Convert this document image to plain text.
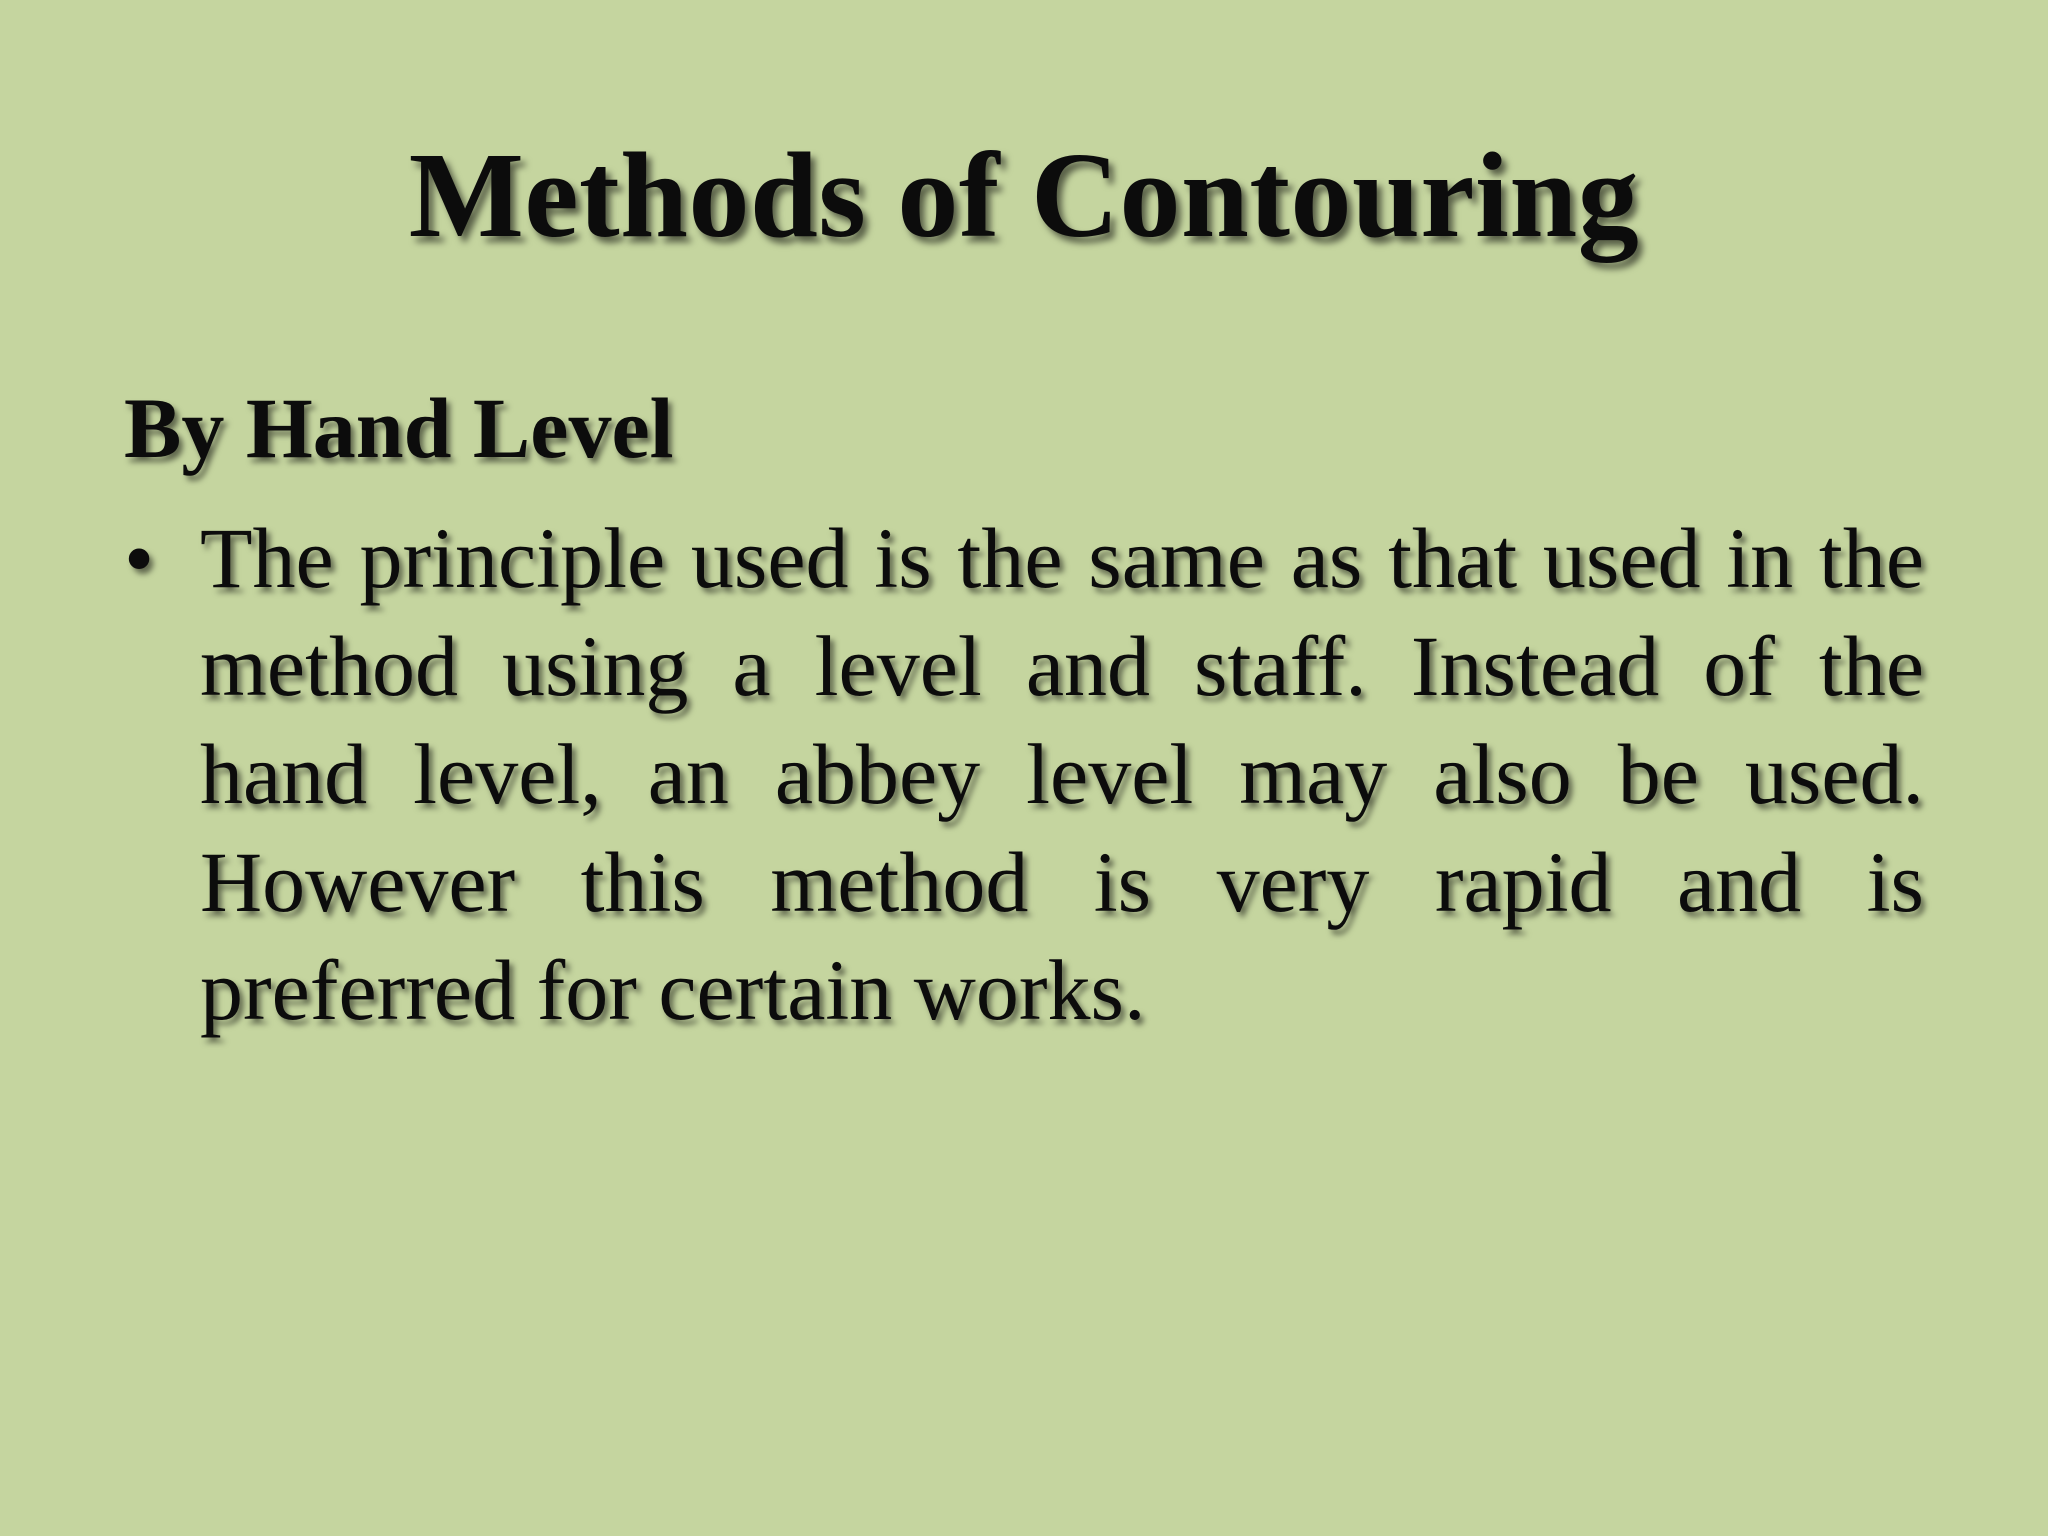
Methods of Contouring
By Hand Level
• The principle used is the same as that used in the method using a level and staff. Instead of the hand level, an abbey level may also be used. However this method is very rapid and is preferred for certain works.
